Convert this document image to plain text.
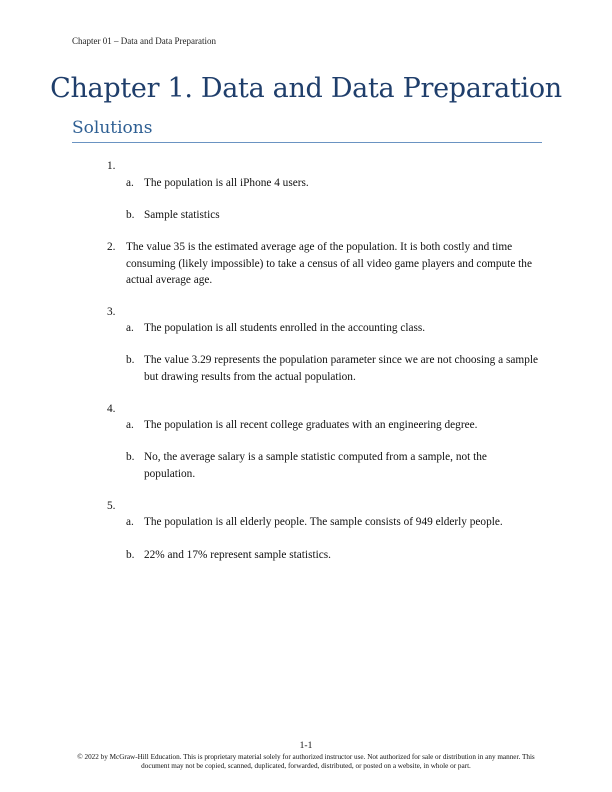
Chapter 01 – Data and Data Preparation
Chapter 1. Data and Data Preparation
Solutions
1.
a. The population is all iPhone 4 users.
b. Sample statistics
2. The value 35 is the estimated average age of the population. It is both costly and time consuming (likely impossible) to take a census of all video game players and compute the actual average age.
3.
a. The population is all students enrolled in the accounting class.
b. The value 3.29 represents the population parameter since we are not choosing a sample but drawing results from the actual population.
4.
a. The population is all recent college graduates with an engineering degree.
b. No, the average salary is a sample statistic computed from a sample, not the population.
5.
a. The population is all elderly people. The sample consists of 949 elderly people.
b. 22% and 17% represent sample statistics.
1-1
© 2022 by McGraw-Hill Education. This is proprietary material solely for authorized instructor use. Not authorized for sale or distribution in any manner. This document may not be copied, scanned, duplicated, forwarded, distributed, or posted on a website, in whole or part.
